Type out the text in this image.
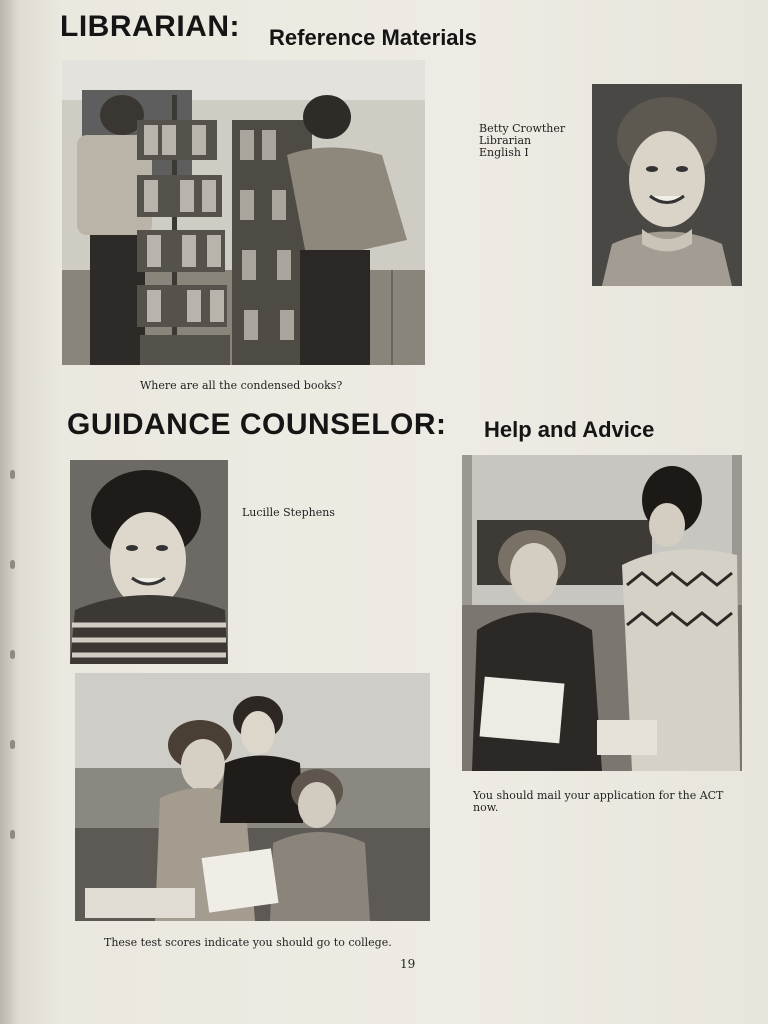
LIBRARIAN: Reference Materials
Where are all the condensed books?
Betty Crowther
Librarian
English I
GUIDANCE COUNSELOR: Help and Advice
Lucille Stephens
You should mail your application for the ACT
now.
These test scores indicate you should go to college.
19
